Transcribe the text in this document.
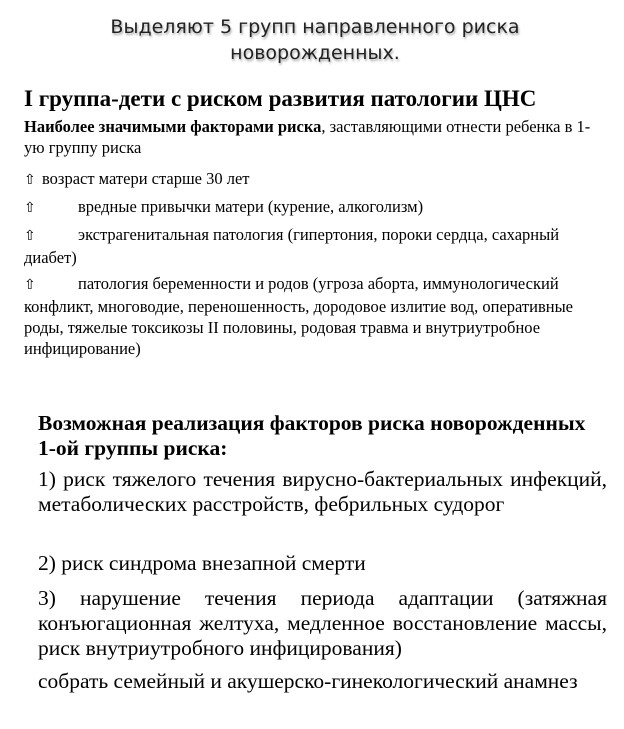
Выделяют 5 групп направленного риска
новорожденных.
I группа-дети с риском развития патологии ЦНС
Наиболее значимыми факторами риска, заставляющими отнести ребенка в 1-ую группу риска
⇧ возраст матери старше 30 лет
⇧	вредные привычки матери (курение, алкоголизм)
⇧	экстрагенитальная патология (гипертония, пороки сердца, сахарный диабет)
⇧	патология беременности и родов (угроза аборта, иммунологический конфликт, многоводие, переношенность, дородовое излитие вод, оперативные роды, тяжелые токсикозы II половины, родовая травма и внутриутробное инфицирование)
Возможная реализация факторов риска новорожденных 1-ой группы риска:
1) риск тяжелого течения вирусно-бактериальных инфекций, метаболических расстройств, фебрильных судорог
2) риск синдрома внезапной смерти
3) нарушение течения периода адаптации (затяжная конъюгационная желтуха, медленное восстановление массы, риск внутриутробного инфицирования)
собрать семейный и акушерско-гинекологический анамнез
